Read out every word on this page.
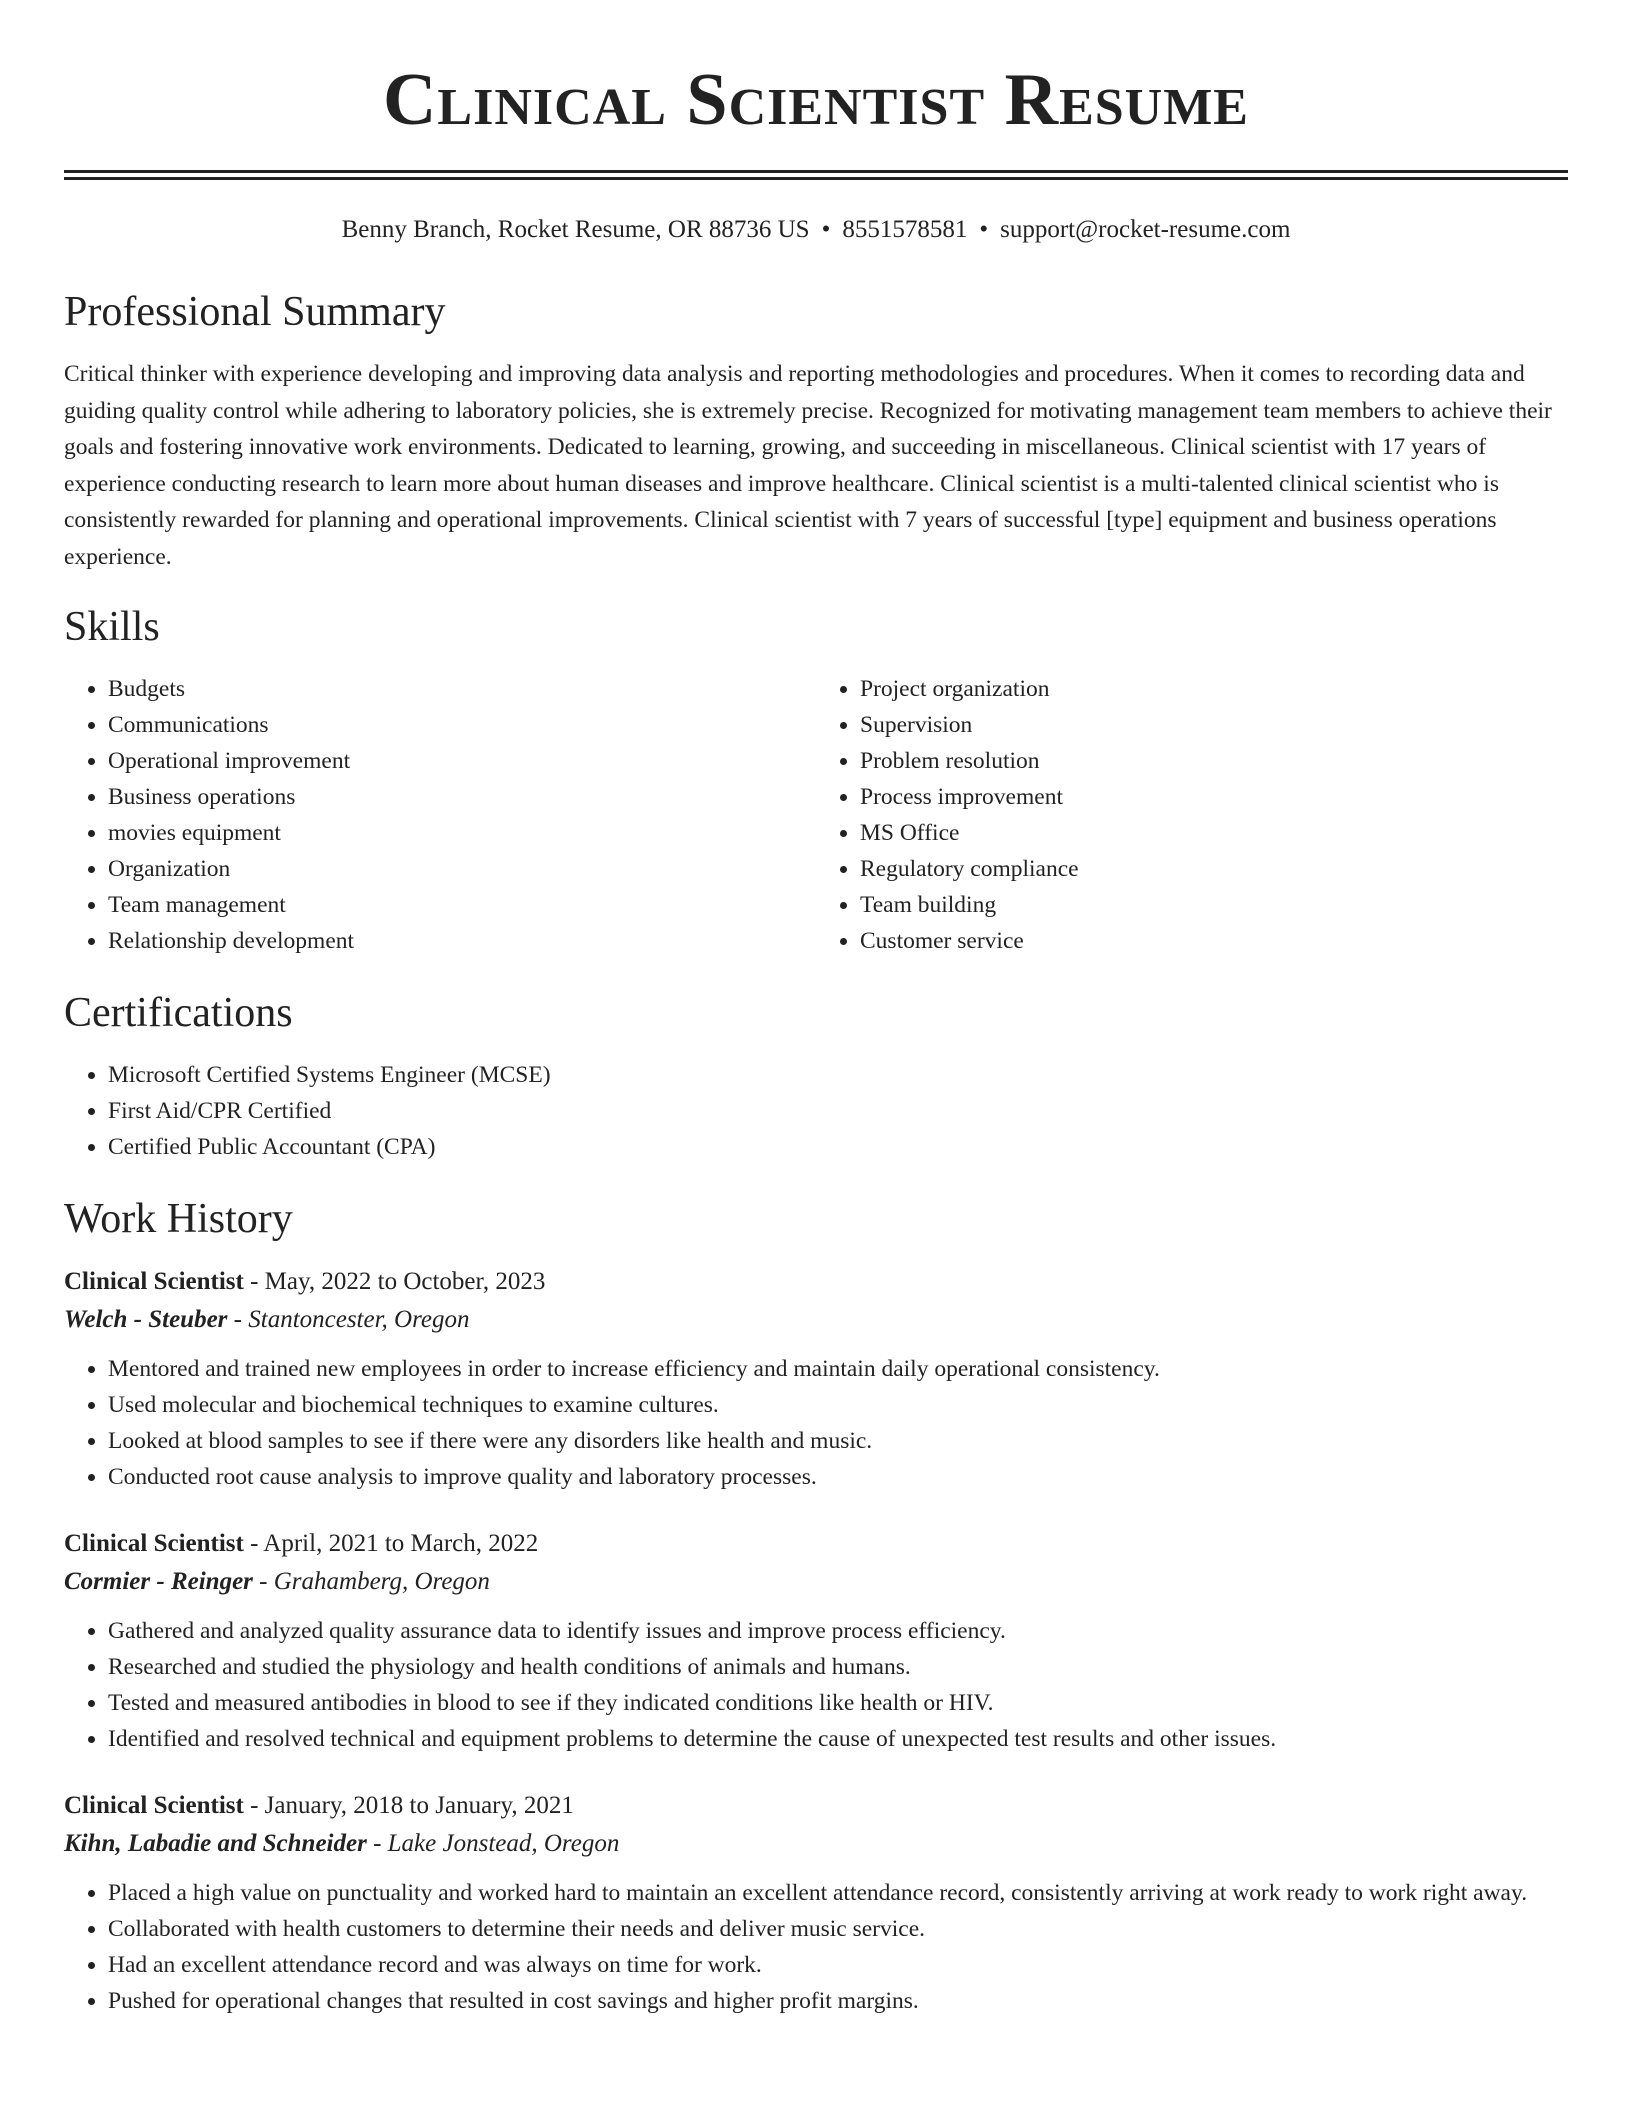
Clinical Scientist Resume
Benny Branch, Rocket Resume, OR 88736 US • 8551578581 • support@rocket-resume.com
Professional Summary

Critical thinker with experience developing and improving data analysis and reporting methodologies and procedures. When it comes to recording data and guiding quality control while adhering to laboratory policies, she is extremely precise. Recognized for motivating management team members to achieve their goals and fostering innovative work environments. Dedicated to learning, growing, and succeeding in miscellaneous. Clinical scientist with 17 years of experience conducting research to learn more about human diseases and improve healthcare. Clinical scientist is a multi-talented clinical scientist who is consistently rewarded for planning and operational improvements. Clinical scientist with 7 years of successful [type] equipment and business operations experience.

Skills
• Budgets
• Communications
• Operational improvement
• Business operations
• movies equipment
• Organization
• Team management
• Relationship development
• Project organization
• Supervision
• Problem resolution
• Process improvement
• MS Office
• Regulatory compliance
• Team building
• Customer service
Certifications
• Microsoft Certified Systems Engineer (MCSE)
• First Aid/CPR Certified
• Certified Public Accountant (CPA)
Work History
Clinical Scientist - May, 2022 to October, 2023
Welch - Steuber - Stantoncester, Oregon
• Mentored and trained new employees in order to increase efficiency and maintain daily operational consistency.
• Used molecular and biochemical techniques to examine cultures.
• Looked at blood samples to see if there were any disorders like health and music.
• Conducted root cause analysis to improve quality and laboratory processes.
Clinical Scientist - April, 2021 to March, 2022
Cormier - Reinger - Grahamberg, Oregon
• Gathered and analyzed quality assurance data to identify issues and improve process efficiency.
• Researched and studied the physiology and health conditions of animals and humans.
• Tested and measured antibodies in blood to see if they indicated conditions like health or HIV.
• Identified and resolved technical and equipment problems to determine the cause of unexpected test results and other issues.
Clinical Scientist - January, 2018 to January, 2021
Kihn, Labadie and Schneider - Lake Jonstead, Oregon
• Placed a high value on punctuality and worked hard to maintain an excellent attendance record, consistently arriving at work ready to work right away.
• Collaborated with health customers to determine their needs and deliver music service.
• Had an excellent attendance record and was always on time for work.
• Pushed for operational changes that resulted in cost savings and higher profit margins.
